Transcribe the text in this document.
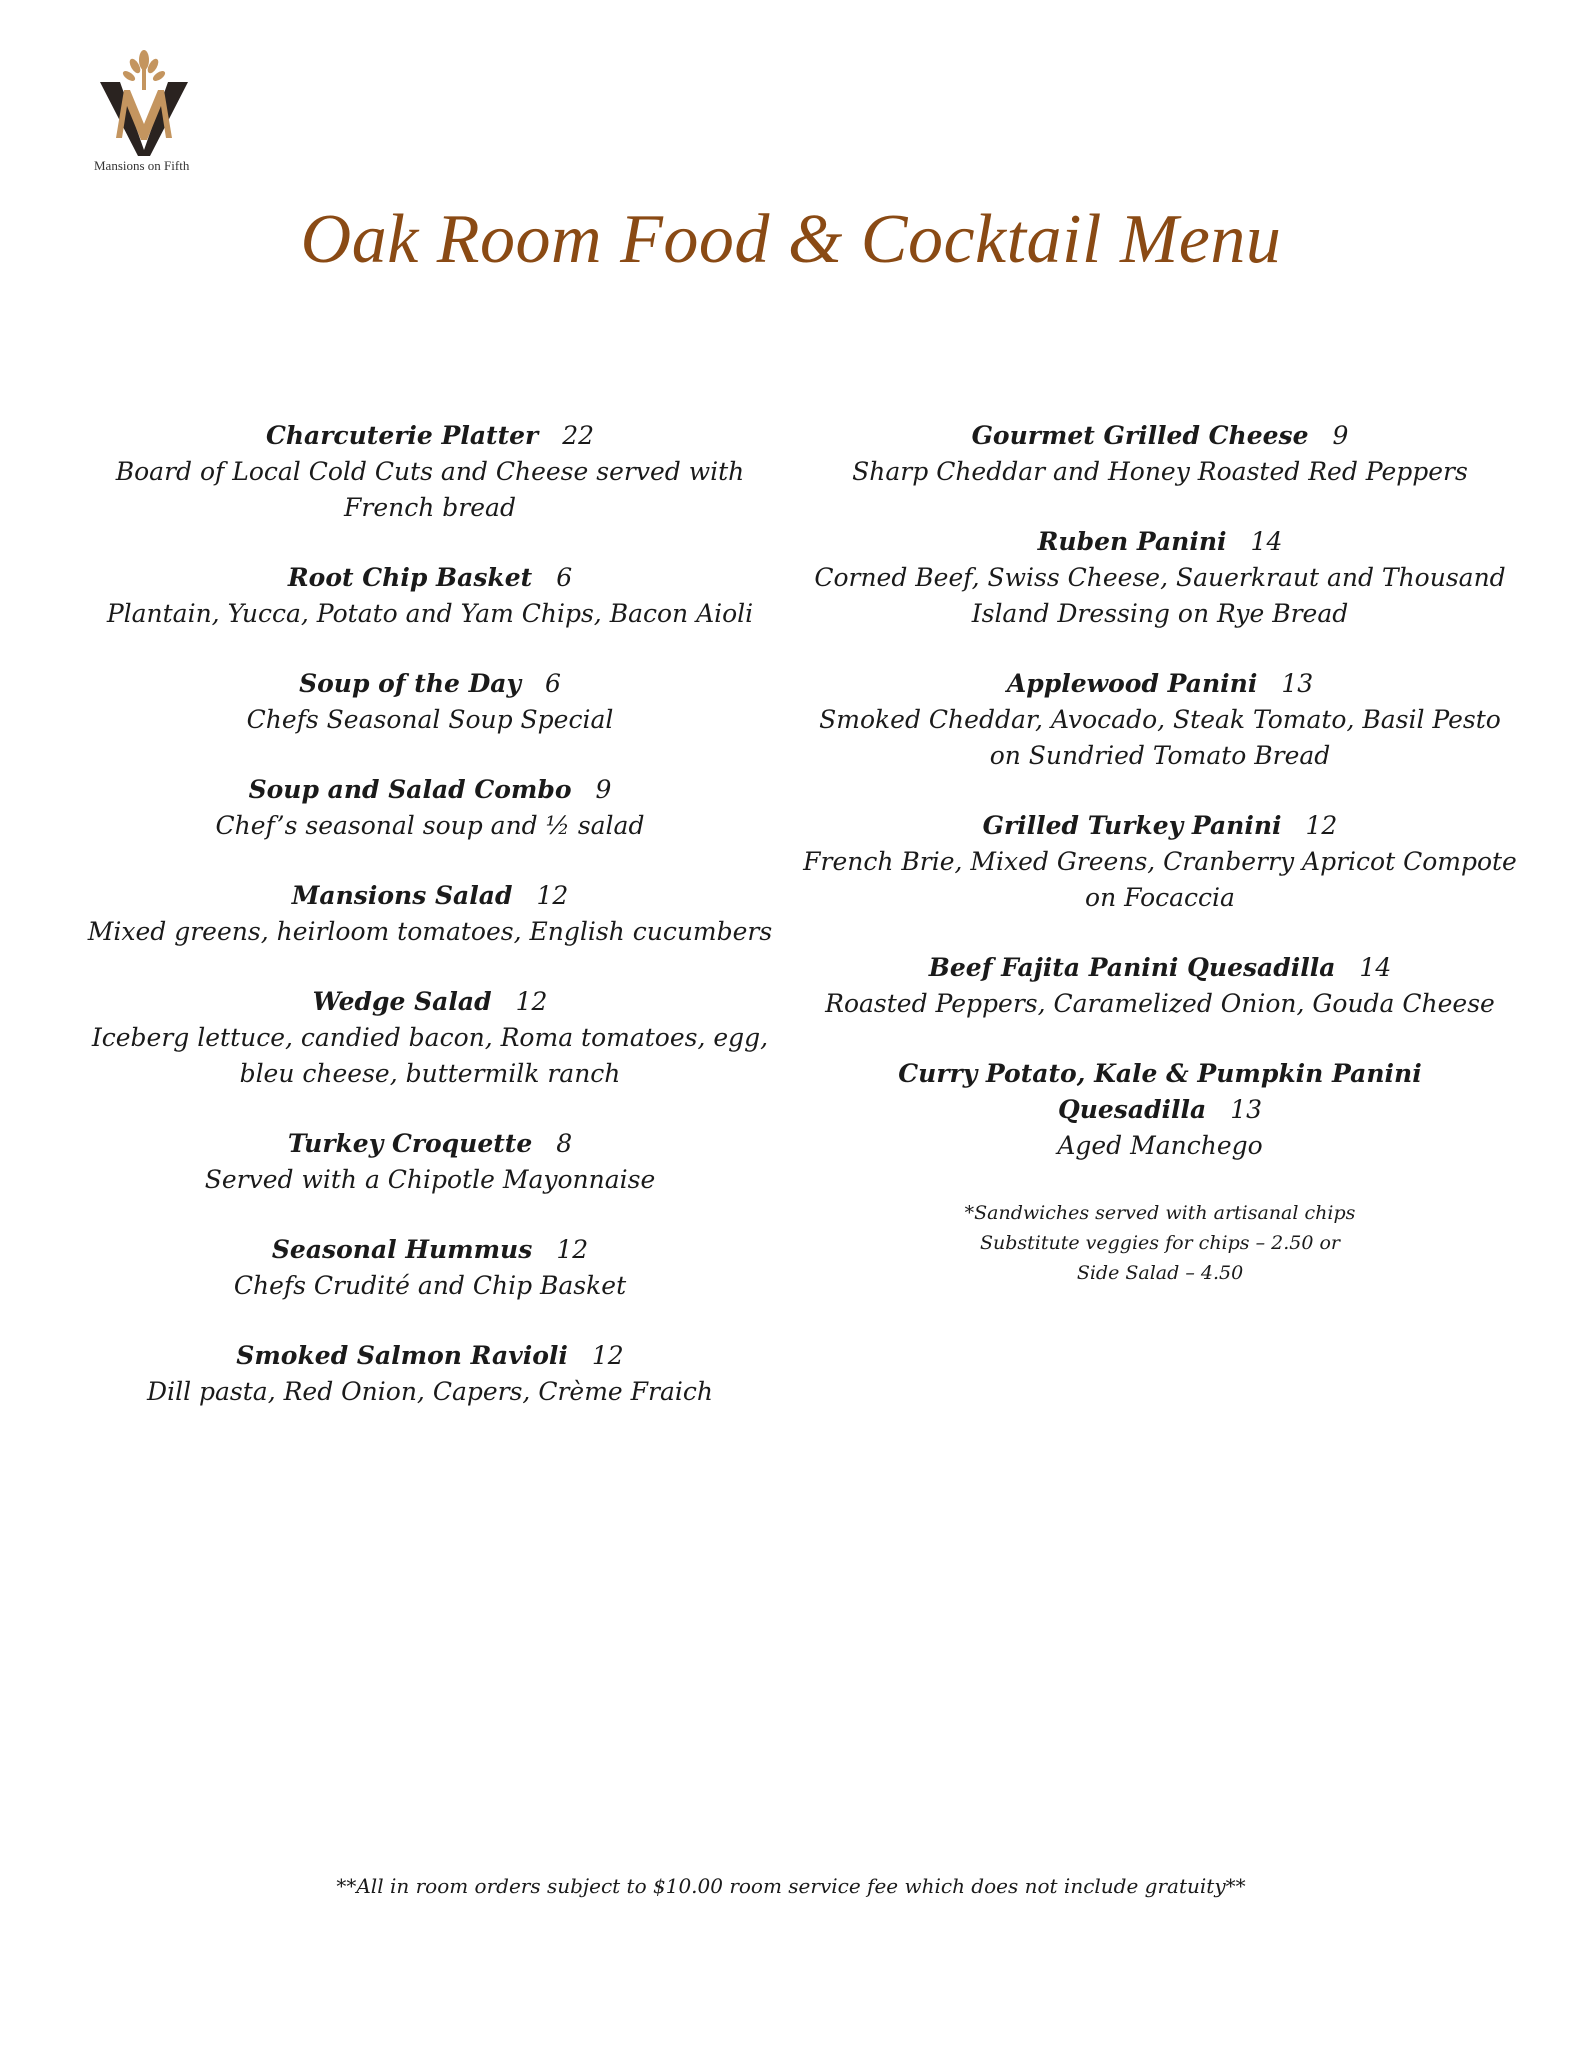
Mansions on Fifth
Oak Room Food & Cocktail Menu
Charcuterie Platter 22
Board of Local Cold Cuts and Cheese served with French bread
Root Chip Basket 6
Plantain, Yucca, Potato and Yam Chips, Bacon Aioli
Soup of the Day 6
Chefs Seasonal Soup Special
Soup and Salad Combo 9
Chef’s seasonal soup and ½ salad
Mansions Salad 12
Mixed greens, heirloom tomatoes, English cucumbers
Wedge Salad 12
Iceberg lettuce, candied bacon, Roma tomatoes, egg, bleu cheese, buttermilk ranch
Turkey Croquette 8
Served with a Chipotle Mayonnaise
Seasonal Hummus 12
Chefs Crudité and Chip Basket
Smoked Salmon Ravioli 12
Dill pasta, Red Onion, Capers, Crème Fraich
Gourmet Grilled Cheese 9
Sharp Cheddar and Honey Roasted Red Peppers
Ruben Panini 14
Corned Beef, Swiss Cheese, Sauerkraut and Thousand Island Dressing on Rye Bread
Applewood Panini 13
Smoked Cheddar, Avocado, Steak Tomato, Basil Pesto on Sundried Tomato Bread
Grilled Turkey Panini 12
French Brie, Mixed Greens, Cranberry Apricot Compote on Focaccia
Beef Fajita Panini Quesadilla 14
Roasted Peppers, Caramelized Onion, Gouda Cheese
Curry Potato, Kale & Pumpkin Panini Quesadilla 13
Aged Manchego
*Sandwiches served with artisanal chips
Substitute veggies for chips – 2.50 or
Side Salad – 4.50
**All in room orders subject to $10.00 room service fee which does not include gratuity**
